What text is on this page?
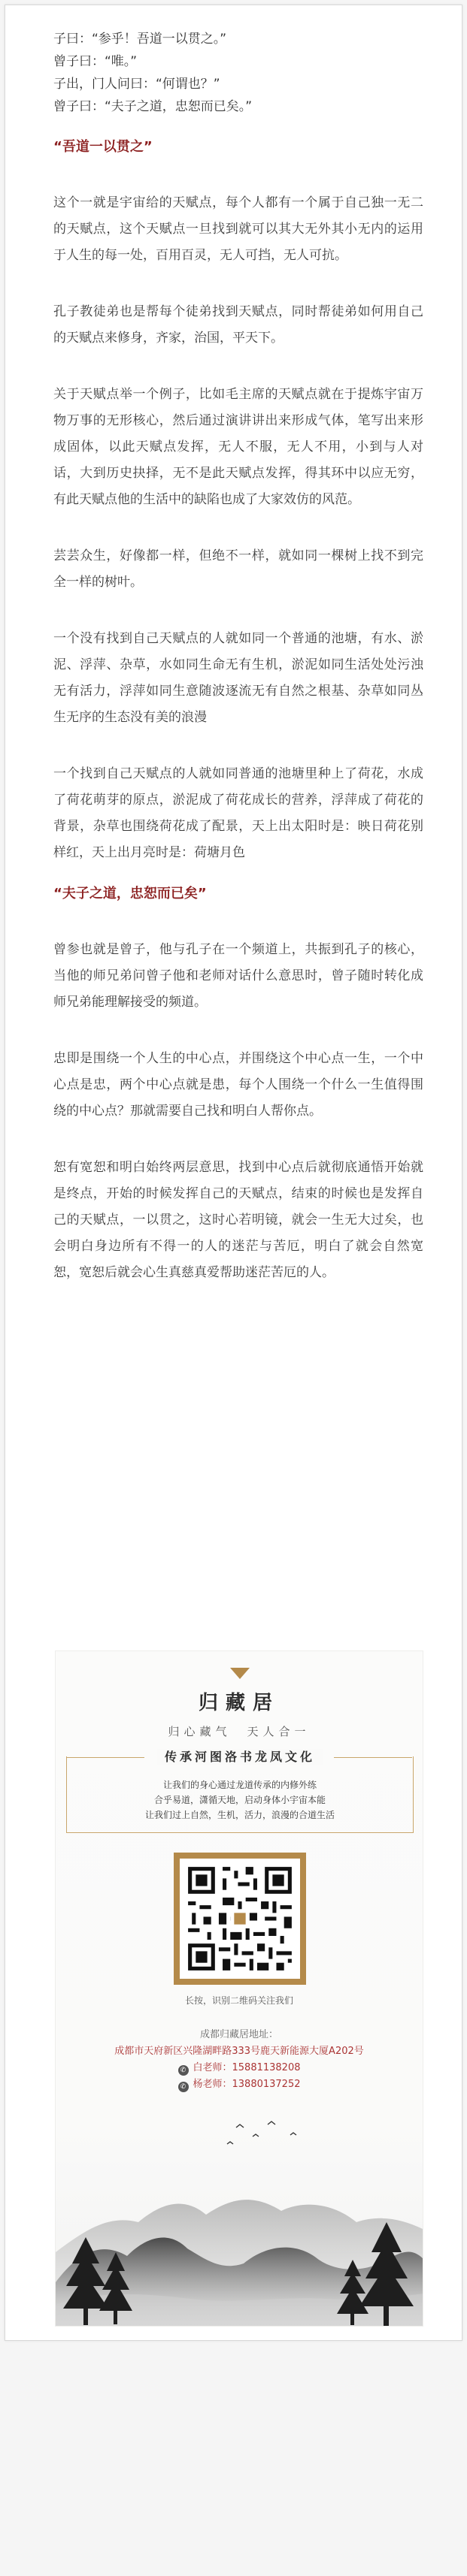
子曰：“参乎！吾道一以贯之。”

曾子曰：“唯。”

子出，门人问曰：“何谓也？”

曾子曰：“夫子之道，忠恕而已矣。”

“吾道一以贯之”

这个一就是宇宙给的天赋点，每个人都有一个属于自己独一无二的天赋点，这个天赋点一旦找到就可以其大无外其小无内的运用于人生的每一处，百用百灵，无人可挡，无人可抗。

孔子教徒弟也是帮每个徒弟找到天赋点，同时帮徒弟如何用自己的天赋点来修身，齐家，治国，平天下。

关于天赋点举一个例子，比如毛主席的天赋点就在于提炼宇宙万物万事的无形核心，然后通过演讲讲出来形成气体，笔写出来形成固体，以此天赋点发挥，无人不服，无人不用，小到与人对话，大到历史抉择，无不是此天赋点发挥，得其环中以应无穷，有此天赋点他的生活中的缺陷也成了大家效仿的风范。

芸芸众生，好像都一样，但绝不一样，就如同一棵树上找不到完全一样的树叶。

一个没有找到自己天赋点的人就如同一个普通的池塘，有水、淤泥、浮萍、杂草，水如同生命无有生机，淤泥如同生活处处污浊无有活力，浮萍如同生意随波逐流无有自然之根基、杂草如同丛生无序的生态没有美的浪漫

一个找到自己天赋点的人就如同普通的池塘里种上了荷花，水成了荷花萌芽的原点，淤泥成了荷花成长的营养，浮萍成了荷花的背景，杂草也围绕荷花成了配景，天上出太阳时是：映日荷花别样红，天上出月亮时是：荷塘月色

“夫子之道，忠恕而已矣”

曾参也就是曾子，他与孔子在一个频道上，共振到孔子的核心，当他的师兄弟问曾子他和老师对话什么意思时，曾子随时转化成师兄弟能理解接受的频道。

忠即是围绕一个人生的中心点，并围绕这个中心点一生，一个中心点是忠，两个中心点就是患，每个人围绕一个什么一生值得围绕的中心点？那就需要自己找和明白人帮你点。

恕有宽恕和明白始终两层意思，找到中心点后就彻底通悟开始就是终点，开始的时候发挥自己的天赋点，结束的时候也是发挥自己的天赋点，一以贯之，这时心若明镜，就会一生无大过矣，也会明白身边所有不得一的人的迷茫与苦厄，明白了就会自然宽恕，宽恕后就会心生真慈真爱帮助迷茫苦厄的人。

归藏居
归心藏气　天人合一
传承河图洛书龙凤文化

让我们的身心通过龙道传承的内修外练

合乎易道，潇循天地，启动身体小宇宙本能

让我们过上自然，生机，活力，浪漫的合道生活

长按，识别二维码关注我们
成都归藏居地址：
成都市天府新区兴隆湖畔路333号鹿天新能源大厦A202号
✆ 白老师：15881138208
✆ 杨老师：13880137252
